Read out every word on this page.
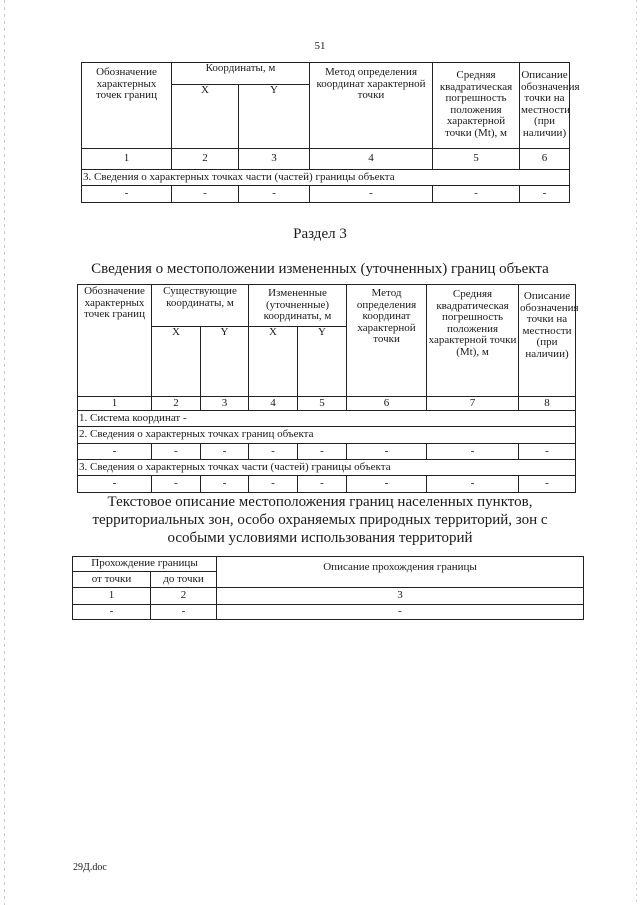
51
Обозначение характерных точек границ	Координаты, м		Метод определения координат характерной точки	Средняя квадратическая погрешность положения характерной точки (Mt), м	Описание обозначения точки на местности (при наличии)
	X	Y			
1	2	3	4	5	6
3. Сведения о характерных точках части (частей) границы объекта					
-	-	-	-	-	-
Раздел 3
Сведения о местоположении измененных (уточненных) границ объекта
Обозначение характерных точек границ	Существующие координаты, м		Измененные (уточненные) координаты, м		Метод определения координат характерной точки	Средняя квадратическая погрешность положения характерной точки (Mt), м	Описание обозначения точки на местности (при наличии)
	X	Y	X	Y			
1	2	3	4	5	6	7	8
1. Система координат -							
2. Сведения о характерных точках границ объекта							
-	-	-	-	-	-	-	-
3. Сведения о характерных точках части (частей) границы объекта							
-	-	-	-	-	-	-	-
Текстовое описание местоположения границ населенных пунктов, территориальных зон, особо охраняемых природных территорий, зон с особыми условиями использования территорий
Прохождение границы		Описание прохождения границы
от точки	до точки	
1	2	3
-	-	-
29Д.doc
